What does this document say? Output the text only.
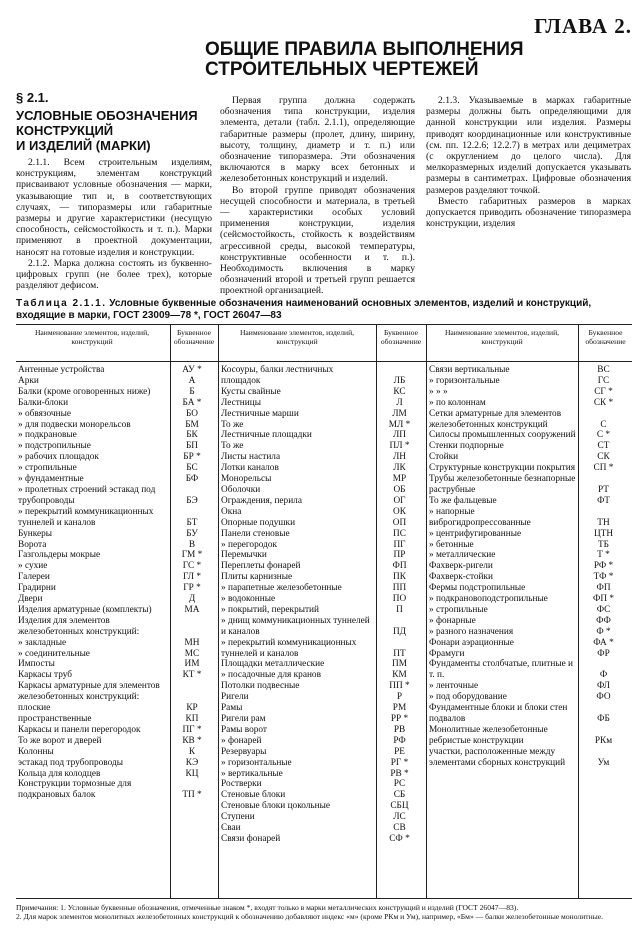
ГЛАВА 2.

ОБЩИЕ ПРАВИЛА ВЫПОЛНЕНИЯ

СТРОИТЕЛЬНЫХ ЧЕРТЕЖЕЙ

§ 2.1.

УСЛОВНЫЕ ОБОЗНАЧЕНИЯ

КОНСТРУКЦИЙ

И ИЗДЕЛИЙ (МАРКИ)

2.1.1. Всем строительным изделиям, конструкциям, элементам конструкций присваивают условные обозначения — марки, указывающие тип и, в соответствующих случаях, — типоразмеры или габаритные размеры и другие характеристики (несущую способность, сейсмостойкость и т. п.). Марки применяют в проектной документации, наносят на готовые изделия и конструкции.

2.1.2. Марка должна состоять из буквенно-цифровых групп (не более трех), которые разделяют дефисом.

Первая группа должна содержать обозначения типа конструкции, изделия элемента, детали (табл. 2.1.1), определяющие габаритные размеры (пролет, длину, ширину, высоту, толщину, диаметр и т. п.) или обозначение типоразмера. Эти обозначения включаются в марку всех бетонных и железобетонных конструкций и изделий.

Во второй группе приводят обозначения несущей способности и материала, в третьей — характеристики особых условий применения конструкции, изделия (сейсмостойкость, стойкость к воздействиям агрессивной среды, высокой температуры, конструктивные особенности и т. п.). Необходимость включения в марку обозначений второй и третьей групп решается проектной организацией.

2.1.3. Указываемые в марках габаритные размеры должны быть определяющими для данной конструкции или изделия. Размеры приводят координационные или конструктивные (см. пп. 12.2.6; 12.2.7) в метрах или дециметрах (с округлением до целого числа). Для мелкоразмерных изделий допускается указывать размеры в сантиметрах. Цифровые обозначения размеров разделяют точкой.

Вместо габаритных размеров в марках допускается приводить обозначение типоразмера конструкции, изделия

Таблица 2.1.1. Условные буквенные обозначения наименований основных элементов, изделий и конструкций, входящие в марки, ГОСТ 23009—78 *, ГОСТ 26047—83
Наименование элементов, изделий, конструкций
Буквенное обозначение
Наименование элементов, изделий, конструкций
Буквенное обозначение
Наименование элементов, изделий, конструкций
Буквенное обозначение
Антенные устройства	АУ *
Арки	А
Балки (кроме оговоренных ниже)	Б
Балки-блоки	БА *
» обвязочные	БО
» для подвески монорельсов	БМ
» подкрановые	БК
» подстропильные	БП
» рабочих площадок	БР *
» стропильные	БС
» фундаментные	БФ
» пролетных строений эстакад под трубопроводы	БЭ
» перекрытий коммуникационных туннелей и каналов	БТ
Бункеры	БУ
Ворота	В
Газгольдеры мокрые	ГМ *
» сухие	ГС *
Галереи	ГЛ *
Градирни	ГР *
Двери	Д
Изделия арматурные (комплекты)	МА
Изделия для элементов железобетонных конструкций:
» закладные	МН
» соединительные	МС
Импосты	ИМ
Каркасы труб	КТ *
Каркасы арматурные для элементов железобетонных конструкций:
плоские	КР
пространственные	КП
Каркасы и панели перегородок	ПГ *
То же ворот и дверей	КВ *
Колонны	К
эстакад под трубопроводы	КЭ
Кольца для колодцев	КЦ
Конструкции тормозные для подкрановых балок	ТП *
Косоуры, балки лестничных площадок	ЛБ
Кусты свайные	КС
Лестницы	Л
Лестничные марши	ЛМ
То же	МЛ *
Лестничные площадки	ЛП
То же	ПЛ *
Листы настила	ЛН
Лотки каналов	ЛК
Монорельсы	МР
Оболочки	ОБ
Ограждения, перила	ОГ
Окна	ОК
Опорные подушки	ОП
Панели стеновые	ПС
» перегородок	ПГ
Перемычки	ПР
Переплеты фонарей	ФП
Плиты карнизные	ПК
» парапетные железобетонные	ПП
» водоконные	ПО
» покрытий, перекрытий	П
» днищ коммуникационных туннелей и каналов	ПД
» перекрытий коммуникационных туннелей и каналов	ПТ
Площадки металлические	ПМ
» посадочные для кранов	КМ
Потолки подвесные	ПП *
Ригели	Р
Рамы	РМ
Ригели рам	РР *
Рамы ворот	РВ
» фонарей	РФ
Резервуары	РЕ
» горизонтальные	РГ *
» вертикальные	РВ *
Ростверки	РС
Стеновые блоки	СБ
Стеновые блоки цокольные	СБЦ
Ступени	ЛС
Сваи	СВ
Связи фонарей	СФ *
Связи вертикальные	ВС
» горизонтальные	ГС
» » »	СГ *
» по колоннам	СК *
Сетки арматурные для элементов железобетонных конструкций	С
Силосы промышленных сооружений	С *
Стенки подпорные	СТ
Стойки	СК
Структурные конструкции покрытия	СП *
Трубы железобетонные безнапорные раструбные	РТ
То же фальцевые	ФТ
» напорные виброгидропрессованные	ТН
» центрифугированные	ЦТН
» бетонные	ТБ
» металлические	Т *
Фахверк-ригели	РФ *
Фахверк-стойки	ТФ *
Фермы подстропильные	ФП
» подкрановоподстропильные	ФП *
» стропильные	ФС
» фонарные	ФФ
» разного назначения	Ф *
Фонари аэрационные	ФА *
Фрамуги	ФР
Фундаменты столбчатые, плитные и т. п.	Ф
» ленточные	ФЛ
» под оборудование	ФО
Фундаментные блоки и блоки стен подвалов	ФБ
Монолитные железобетонные ребристые конструкции	РКм
участки, расположенные между элементами сборных конструкций	Ум

Примечания: 1. Условные буквенные обозначения, отмеченные знаком *, входят только в марки металлических конструкций и изделий (ГОСТ 26047—83).

2. Для марок элементов монолитных железобетонных конструкций к обозначению добавляют индекс «м» (кроме РКм и Ум), например, «Бм» — балки железобетонные монолитные.
